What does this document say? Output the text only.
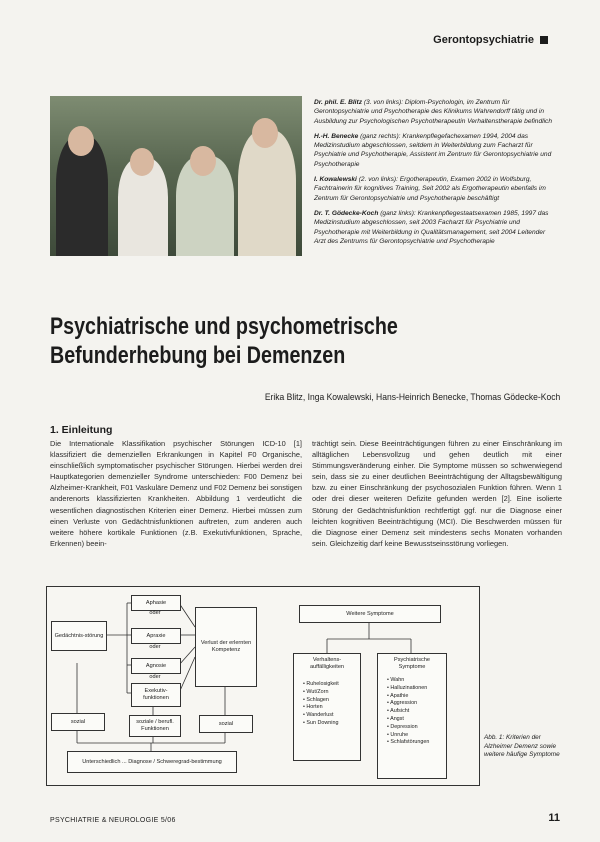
Gerontopsychiatrie

Dr. phil. E. Blitz (3. von links): Diplom-Psychologin, im Zentrum für Gerontopsychiatrie und Psychotherapie des Klinikums Wahrendorff tätig und in Ausbildung zur Psychologischen Psychotherapeutin Verhaltenstherapie befindlich

H.-H. Benecke (ganz rechts): Krankenpflegefachexamen 1994, 2004 das Medizinstudium abgeschlossen, seitdem in Weiterbildung zum Facharzt für Psychiatrie und Psychotherapie, Assistent im Zentrum für Gerontopsychiatrie und Psychotherapie

I. Kowalewski (2. von links): Ergotherapeutin, Examen 2002 in Wolfsburg, Fachtrainerin für kognitives Training, Seit 2002 als Ergotherapeutin ebenfalls im Zentrum für Gerontopsychiatrie und Psychotherapie beschäftigt

Dr. T. Gödecke-Koch (ganz links): Krankenpflegestaatsexamen 1985, 1997 das Medizinstudium abgeschlossen, seit 2003 Facharzt für Psychiatrie und Psychotherapie mit Weiterbildung in Qualitätsmanagement, seit 2004 Leitender Arzt des Zentrums für Gerontopsychiatrie und Psychotherapie

Psychiatrische und psychometrische
Befunderhebung bei Demenzen
Erika Blitz, Inga Kowalewski, Hans-Heinrich Benecke, Thomas Gödecke-Koch
1. Einleitung
Die Internationale Klassifikation psychischer Störungen ICD-10 [1] klassifiziert die demenziellen Erkrankungen in Kapitel F0 Organische, einschließlich symptomatischer psychischer Störungen. Hierbei werden drei Hauptkategorien demenzieller Syndrome unterschieden: F00 Demenz bei Alzheimer-Krankheit, F01 Vaskuläre Demenz und F02 Demenz bei sonstigen anderenorts klassifizierten Krankheiten. Abbildung 1 verdeutlicht die wesentlichen diagnostischen Kriterien einer Demenz. Hierbei müssen zum einen Verluste von Gedächtnisfunktionen auftreten, zum anderen auch weitere höhere kortikale Funktionen (z.B. Exekutivfunktionen, Sprache, Erkennen) beein-
trächtigt sein. Diese Beeinträchtigungen führen zu einer Einschränkung im alltäglichen Lebensvollzug und gehen deutlich mit einer Stimmungsveränderung einher. Die Symptome müssen so schwerwiegend sein, dass sie zu einer deutlichen Beeinträchtigung der Alltagsbewältigung bzw. zu einer Einschränkung der psychosozialen Funktion führen. Wenn 1 oder drei dieser weiteren Defizite gefunden werden [2]. Eine isolierte Störung der Gedächtnisfunktion rechtfertigt ggf. nur die Diagnose einer leichten kognitiven Beeinträchtigung (MCI). Die Beschwerden müssen für die Diagnose einer Demenz seit mindestens sechs Monaten vorhanden sein. Gleichzeitig darf keine Bewusstseinsstörung vorliegen.
Gedächtnis-störung
Aphasie
oder
Apraxie
oder
Agnosie
oder
Exekutiv-funktionen
Verlust der erlernten Kompetenz
sozial	soziale / berufl. Funktionen
sozial
Unterschiedlich ... Diagnose / Schweregrad-bestimmung
Weitere Symptome
Verhaltens-auffälligkeiten
• Ruhelosigkeit
• Wut/Zorn
• Schlagen
• Horten
• Wanderlust
• Sun Downing
Psychiatrische Symptome
• Wahn
• Halluzinationen
• Apathie
• Aggression
• Aufsicht
• Angst
• Depression
• Unruhe
• Schlafstörungen
Abb. 1: Kriterien der Alzheimer Demenz sowie weitere häufige Symptome
PSYCHIATRIE & NEUROLOGIE 5/06	11
